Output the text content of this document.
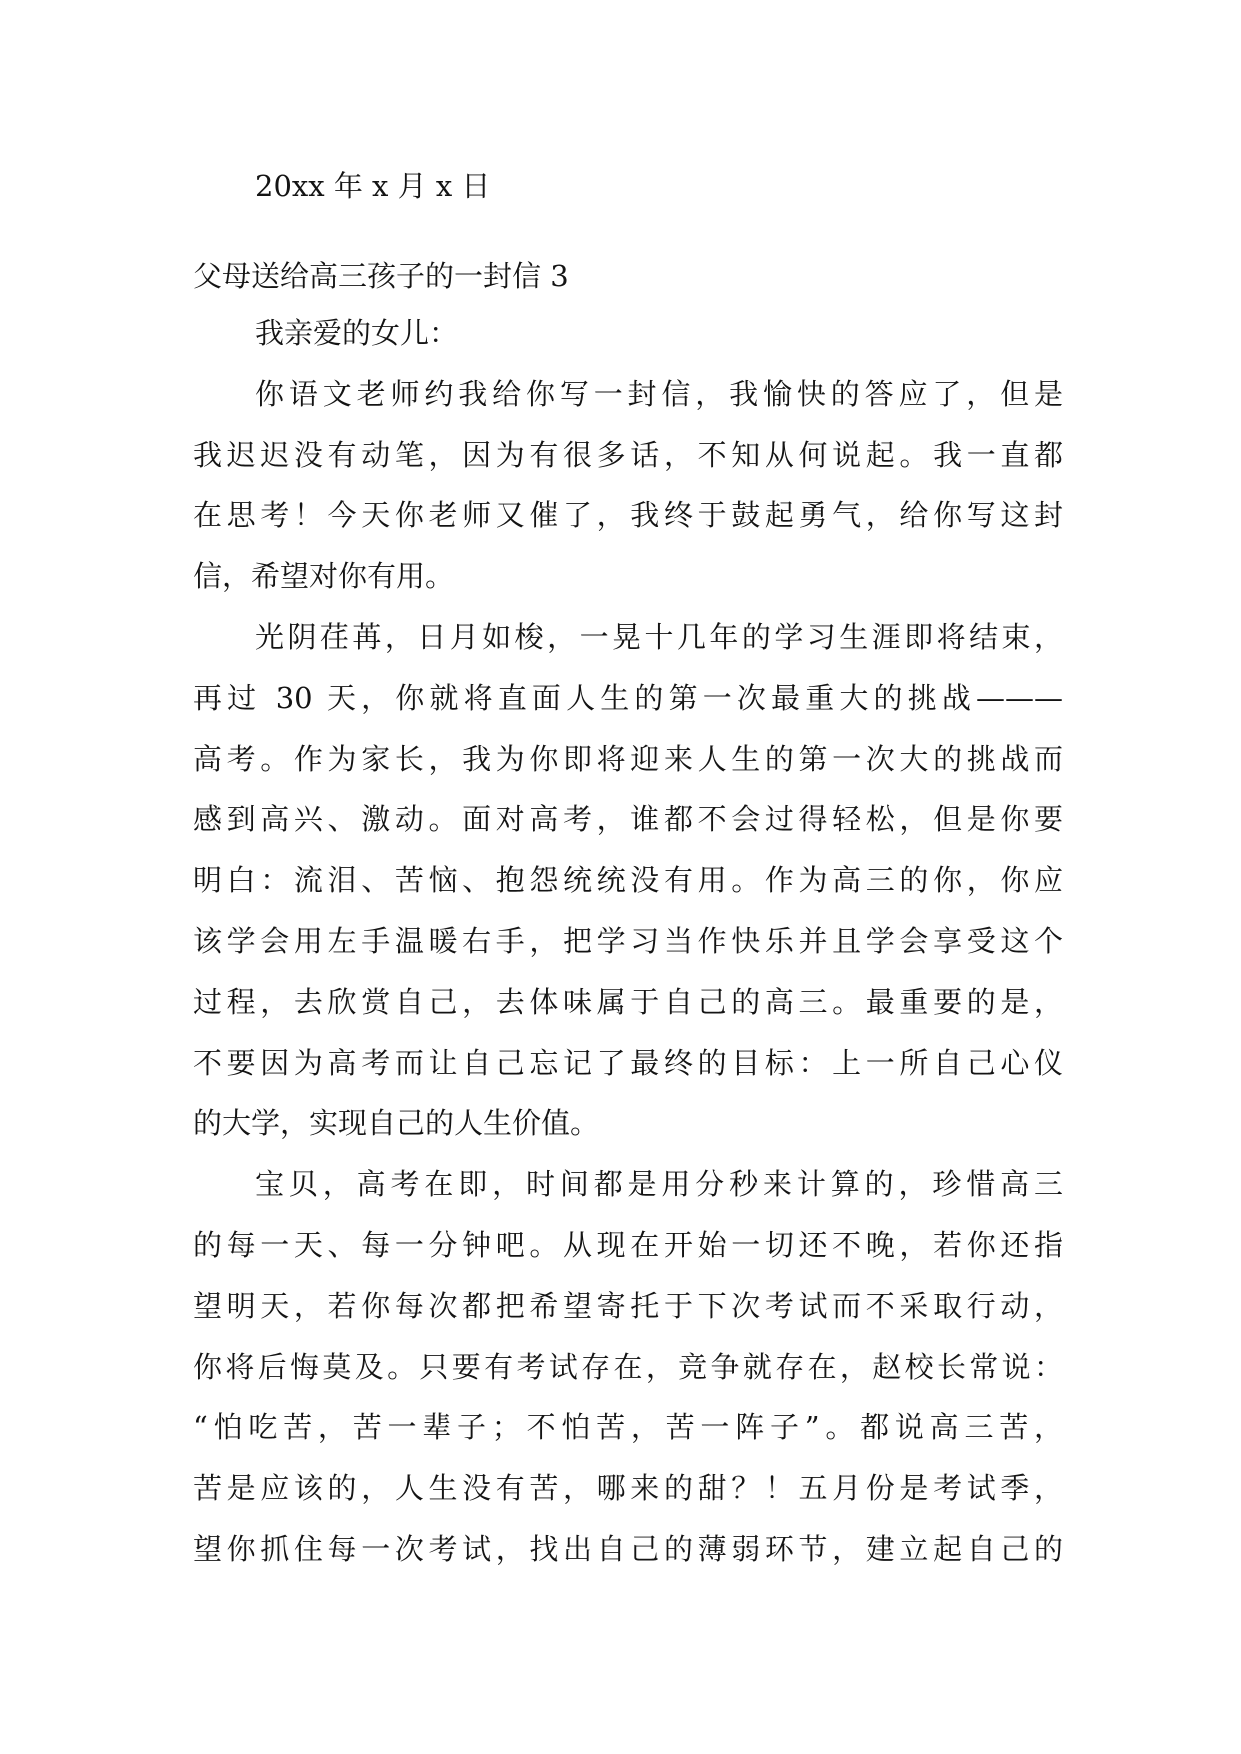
20xx 年 x 月 x 日
父母送给高三孩子的一封信 3
我亲爱的女儿：
你语文老师约我给你写一封信，我愉快的答应了，但是
我迟迟没有动笔，因为有很多话，不知从何说起。我一直都
在思考！今天你老师又催了，我终于鼓起勇气，给你写这封
信，希望对你有用。
光阴荏苒，日月如梭，一晃十几年的学习生涯即将结束，
再过 30 天，你就将直面人生的第一次最重大的挑战———
高考。作为家长，我为你即将迎来人生的第一次大的挑战而
感到高兴、激动。面对高考，谁都不会过得轻松，但是你要
明白：流泪、苦恼、抱怨统统没有用。作为高三的你，你应
该学会用左手温暖右手，把学习当作快乐并且学会享受这个
过程，去欣赏自己，去体味属于自己的高三。最重要的是，
不要因为高考而让自己忘记了最终的目标：上一所自己心仪
的大学，实现自己的人生价值。
宝贝，高考在即，时间都是用分秒来计算的，珍惜高三
的每一天、每一分钟吧。从现在开始一切还不晚，若你还指
望明天，若你每次都把希望寄托于下次考试而不采取行动，
你将后悔莫及。只要有考试存在，竞争就存在，赵校长常说：
“怕吃苦，苦一辈子；不怕苦，苦一阵子”。都说高三苦，
苦是应该的，人生没有苦，哪来的甜？！五月份是考试季，
望你抓住每一次考试，找出自己的薄弱环节，建立起自己的
